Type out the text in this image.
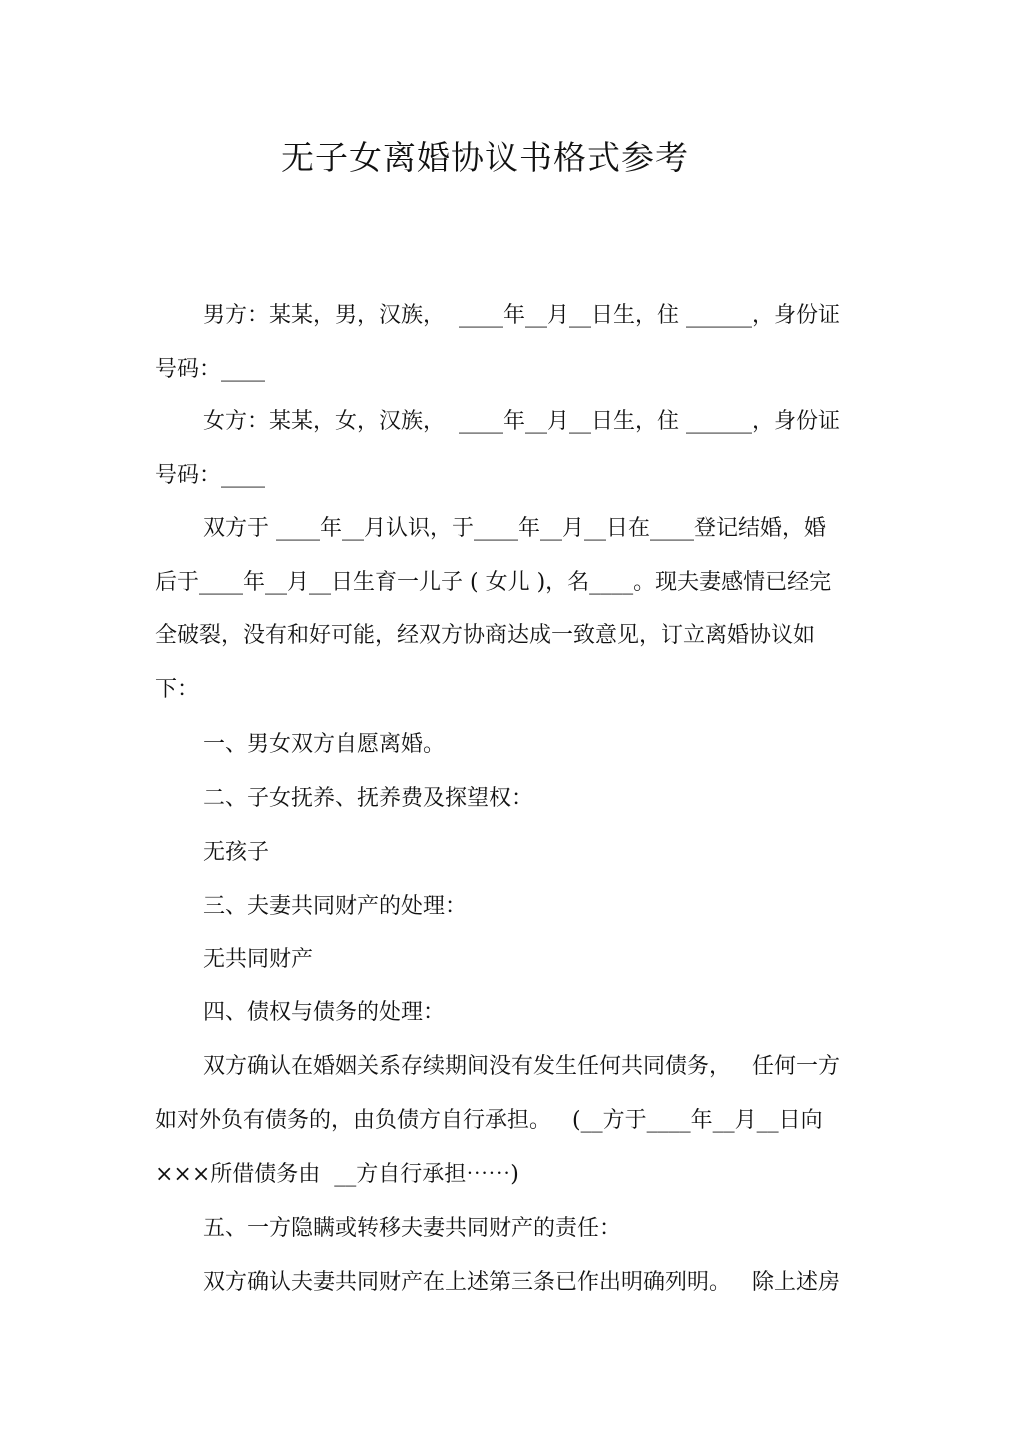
无子女离婚协议书格式参考
男方：某某，男，汉族，  ____年__月__日生，住 ______，身份证
号码：____
女方：某某，女，汉族，  ____年__月__日生，住 ______，身份证
号码：____
双方于 ____年__月认识，于____年__月__日在____登记结婚，婚
后于____年__月__日生育一儿子 ( 女儿 )，名____。现夫妻感情已经完
全破裂，没有和好可能，经双方协商达成一致意见，订立离婚协议如
下：
一、男女双方自愿离婚。
二、子女抚养、抚养费及探望权：
无孩子
三、夫妻共同财产的处理：
无共同财产
四、债权与债务的处理：
双方确认在婚姻关系存续期间没有发生任何共同债务，   任何一方
如对外负有债务的，由负债方自行承担。   (__方于____年__月__日向
×××所借债务由  __方自行承担⋯⋯)
五、一方隐瞒或转移夫妻共同财产的责任：
双方确认夫妻共同财产在上述第三条已作出明确列明。   除上述房
